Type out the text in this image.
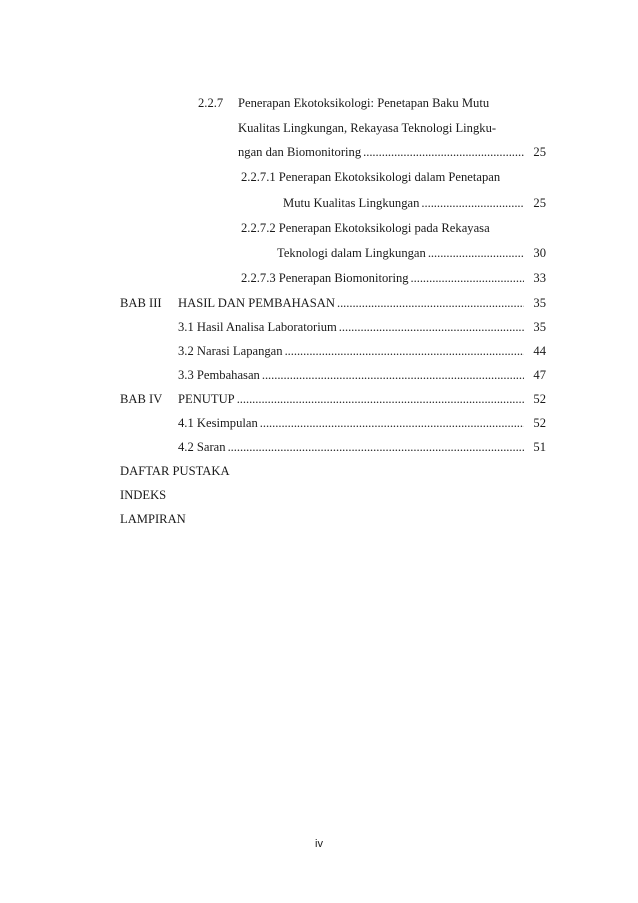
2.2.7 Penerapan Ekotoksikologi: Penetapan Baku Mutu
Kualitas Lingkungan, Rekayasa Teknologi Lingku-
ngan dan Biomonitoring . . .	25
2.2.7.1 Penerapan Ekotoksikologi dalam Penetapan
Mutu Kualitas Lingkungan . . .	25
2.2.7.2 Penerapan Ekotoksikologi pada Rekayasa
Teknologi dalam Lingkungan . . .	30
2.2.7.3 Penerapan Biomonitoring . . .	33
BAB III HASIL DAN PEMBAHASAN . . .	35
3.1 Hasil Analisa Laboratorium . . .	35
3.2 Narasi Lapangan . . .	44
3.3 Pembahasan . . .	47
BAB IV PENUTUP . . .	52
4.1 Kesimpulan . . .	52
4.2 Saran . . .	51
DAFTAR PUSTAKA
INDEKS
LAMPIRAN
iv
